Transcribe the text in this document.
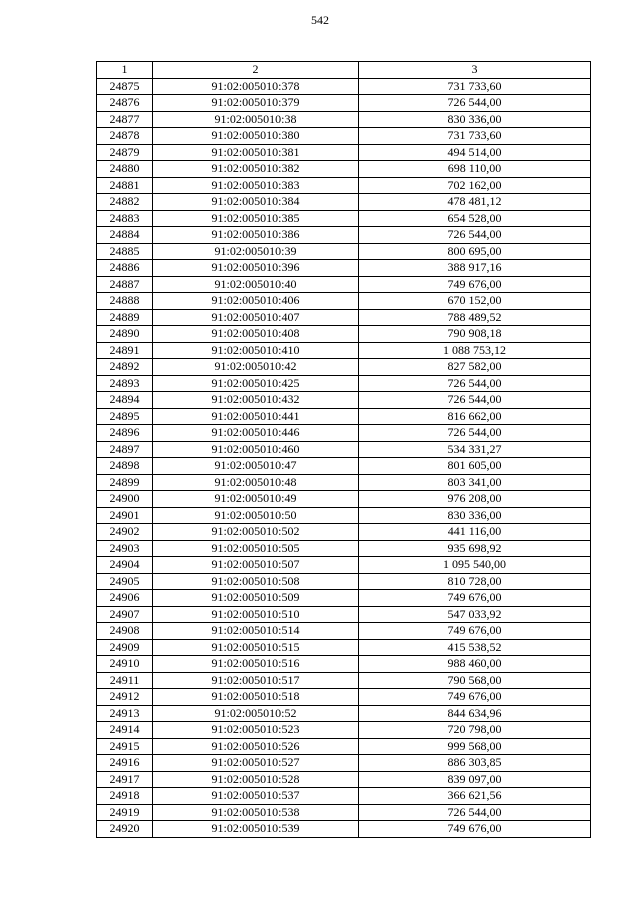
542
1	2	3
24875	91:02:005010:378	731 733,60
24876	91:02:005010:379	726 544,00
24877	91:02:005010:38	830 336,00
24878	91:02:005010:380	731 733,60
24879	91:02:005010:381	494 514,00
24880	91:02:005010:382	698 110,00
24881	91:02:005010:383	702 162,00
24882	91:02:005010:384	478 481,12
24883	91:02:005010:385	654 528,00
24884	91:02:005010:386	726 544,00
24885	91:02:005010:39	800 695,00
24886	91:02:005010:396	388 917,16
24887	91:02:005010:40	749 676,00
24888	91:02:005010:406	670 152,00
24889	91:02:005010:407	788 489,52
24890	91:02:005010:408	790 908,18
24891	91:02:005010:410	1 088 753,12
24892	91:02:005010:42	827 582,00
24893	91:02:005010:425	726 544,00
24894	91:02:005010:432	726 544,00
24895	91:02:005010:441	816 662,00
24896	91:02:005010:446	726 544,00
24897	91:02:005010:460	534 331,27
24898	91:02:005010:47	801 605,00
24899	91:02:005010:48	803 341,00
24900	91:02:005010:49	976 208,00
24901	91:02:005010:50	830 336,00
24902	91:02:005010:502	441 116,00
24903	91:02:005010:505	935 698,92
24904	91:02:005010:507	1 095 540,00
24905	91:02:005010:508	810 728,00
24906	91:02:005010:509	749 676,00
24907	91:02:005010:510	547 033,92
24908	91:02:005010:514	749 676,00
24909	91:02:005010:515	415 538,52
24910	91:02:005010:516	988 460,00
24911	91:02:005010:517	790 568,00
24912	91:02:005010:518	749 676,00
24913	91:02:005010:52	844 634,96
24914	91:02:005010:523	720 798,00
24915	91:02:005010:526	999 568,00
24916	91:02:005010:527	886 303,85
24917	91:02:005010:528	839 097,00
24918	91:02:005010:537	366 621,56
24919	91:02:005010:538	726 544,00
24920	91:02:005010:539	749 676,00
